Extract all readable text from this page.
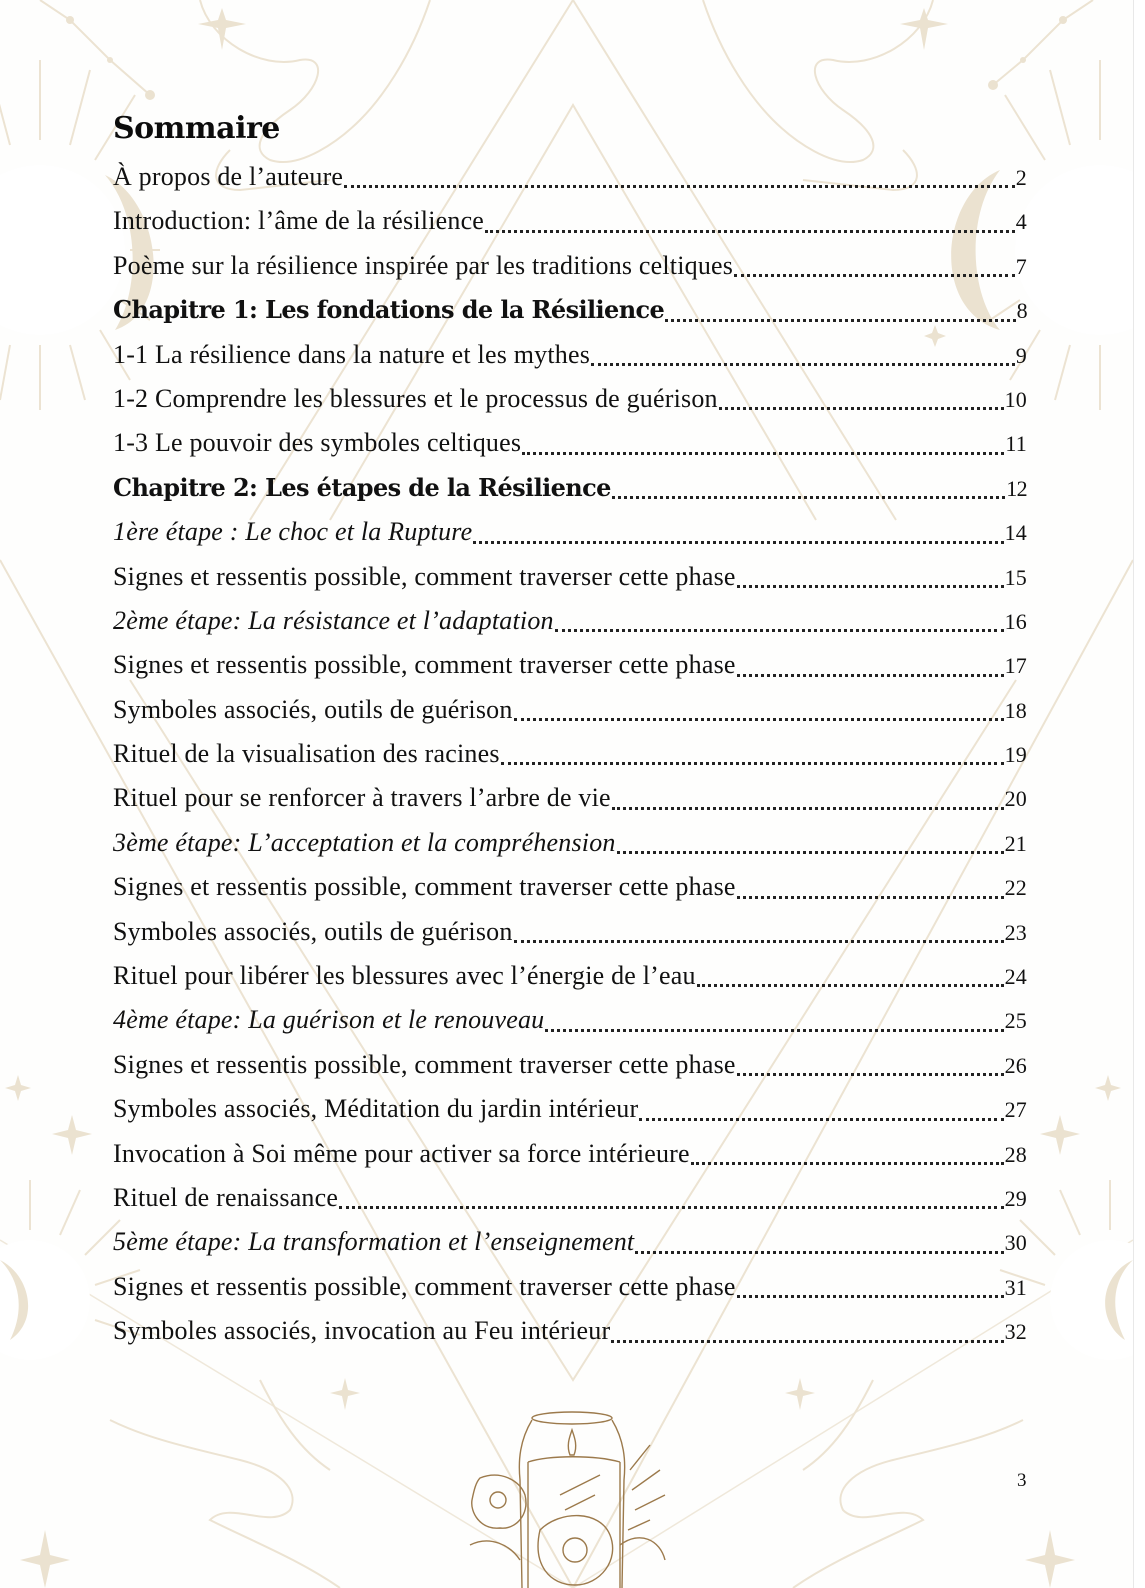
Sommaire
À propos de l’auteure	2
Introduction: l’âme de la résilience	4
Poème sur la résilience inspirée par les traditions celtiques	7
Chapitre 1: Les fondations de la Résilience	8
1-1 La résilience dans la nature et les mythes	9
1-2 Comprendre les blessures et le processus de guérison	10
1-3 Le pouvoir des symboles celtiques	11
Chapitre 2: Les étapes de la Résilience	12
1ère étape : Le choc et la Rupture	14
Signes et ressentis possible, comment traverser cette phase	15
2ème étape: La résistance et l’adaptation	16
Signes et ressentis possible, comment traverser cette phase	17
Symboles associés, outils de guérison	18
Rituel de la visualisation des racines	19
Rituel pour se renforcer à travers l’arbre de vie	20
3ème étape: L’acceptation et la compréhension	21
Signes et ressentis possible, comment traverser cette phase	22
Symboles associés, outils de guérison	23
Rituel pour libérer les blessures avec l’énergie de l’eau	24
4ème étape: La guérison et le renouveau	25
Signes et ressentis possible, comment traverser cette phase	26
Symboles associés, Méditation du jardin intérieur	27
Invocation à Soi même pour activer sa force intérieure	28
Rituel de renaissance	29
5ème étape: La transformation et l’enseignement	30
Signes et ressentis possible, comment traverser cette phase	31
Symboles associés, invocation au Feu intérieur	32
3
